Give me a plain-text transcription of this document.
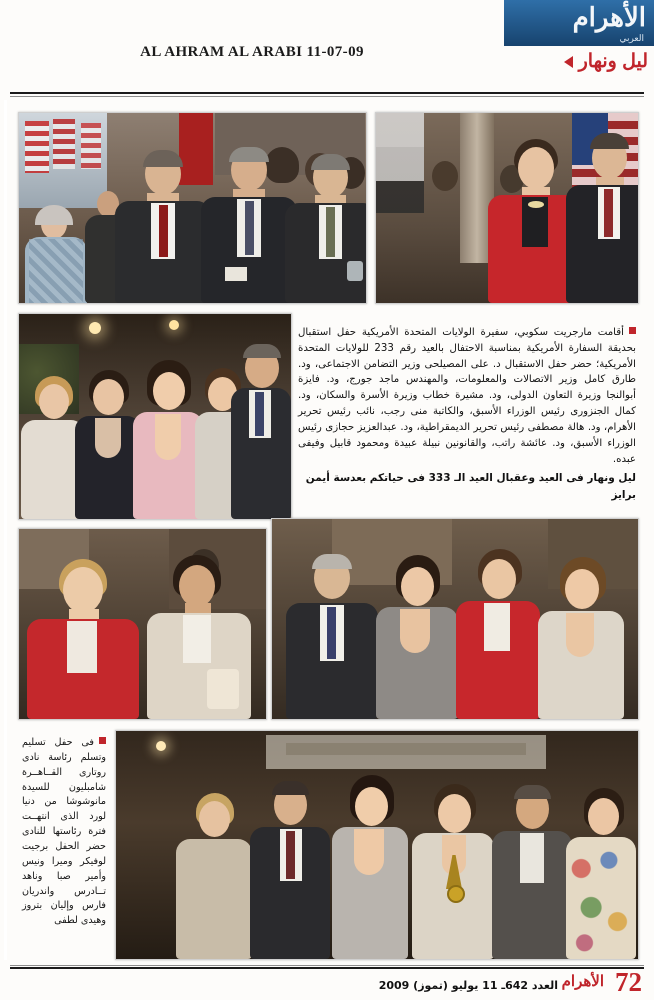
الأهرام
العربي
ليل ونهار
AL AHRAM AL ARABI 11-07-09
أقامت مارجريت سكوبي، سفيرة الولايات المتحدة الأمريكية حفل استقبال بحديقة السفارة الأمريكية بمناسبة الاحتفال بالعيد رقم 233 للولايات المتحدة الأمريكية؛ حضر حفل الاستقبال د. على المصيلحى وزير التضامن الاجتماعى، ود. طارق كامل وزير الاتصالات والمعلومات، والمهندس ماجد جورج، ود. فايزة أبوالنجا وزيرة التعاون الدولى، ود. مشيرة خطاب وزيرة الأسرة والسكان، ود. كمال الجنزورى رئيس الوزراء الأسبق، والكاتبة منى رجب، نائب رئيس تحرير الأهرام، ود. هالة مصطفى رئيس تحرير الديمقراطية، ود. عبدالعزيز حجازى رئيس الوزراء الأسبق، ود. عائشة راتب، والقانونين نبيلة عبيدة ومحمود قابيل وفيفى عبده.
ليل ونهار فى العيد وعقبال العيد الـ 333 فى حياتكم بعدسة أيمن برايز
فى حفل تسليم وتسلم رئاسة نادى روتارى القــاهــرة شامبليون للسيدة مانوشوشا من دنيا لورد الذى انتهــت فترة رئاستها للنادى حضر الحفل برجيت لوفيكر وميرا ونيس وأمير صبا وناهد تــادرس واندريان فارس وإليان بتروز وهيدى لطفى
العدد 642ـ 11 يوليو (تموز) 2009 الأهرام 72
